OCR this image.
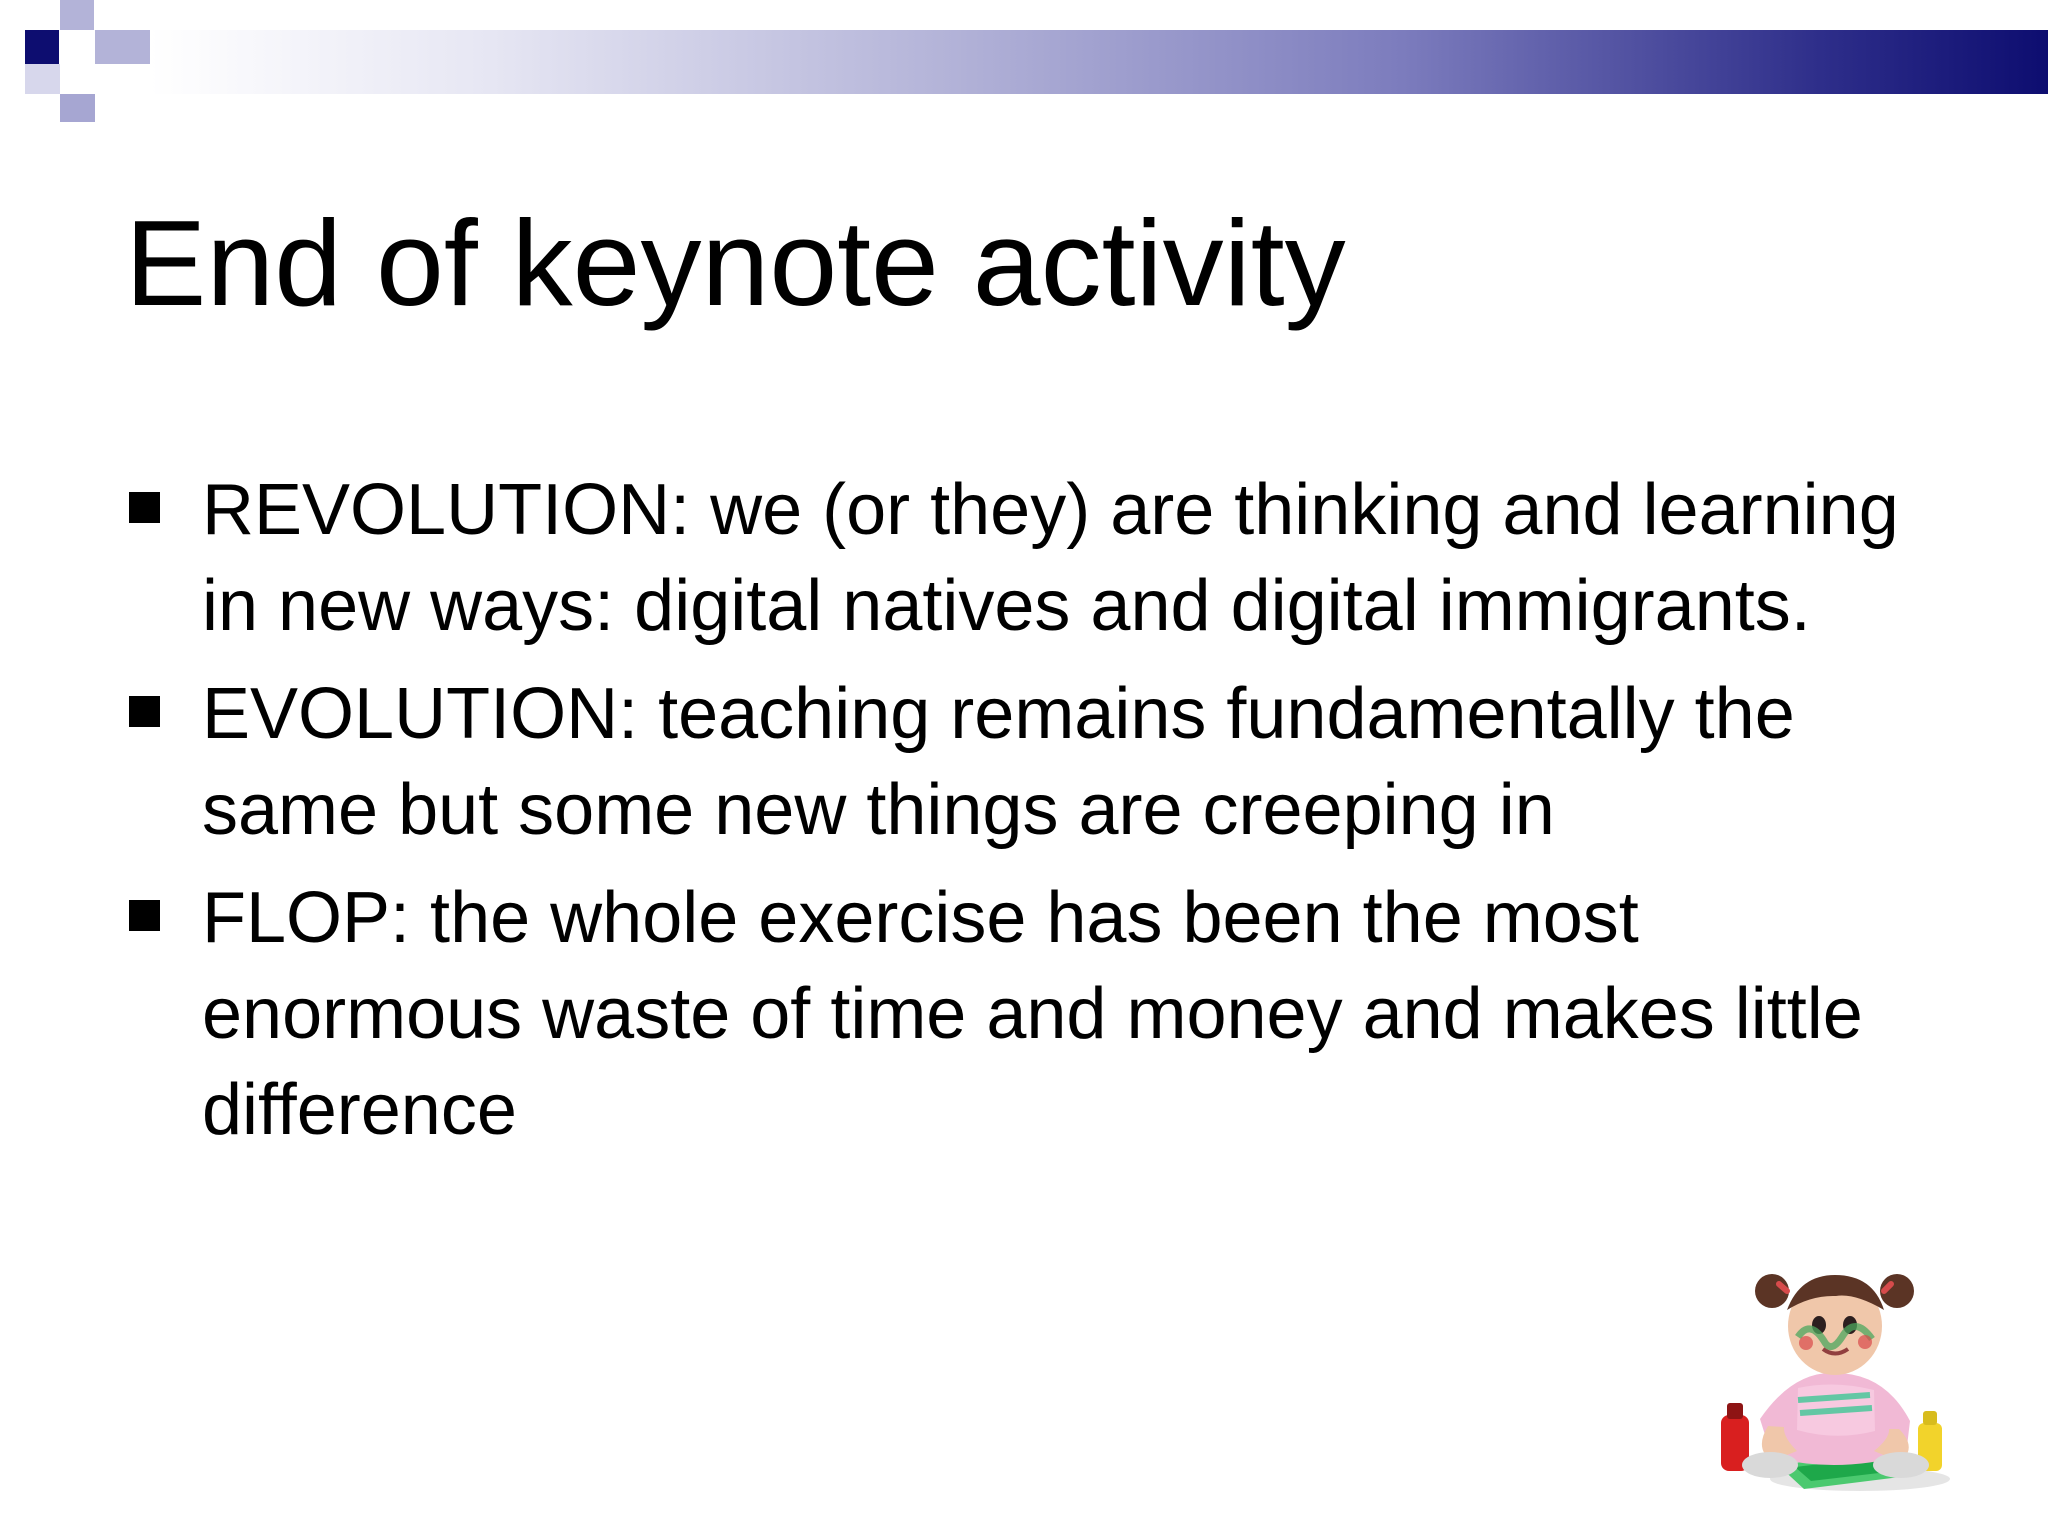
End of keynote activity
REVOLUTION: we (or they) are thinking and learning in new ways: digital natives and digital immigrants.
EVOLUTION: teaching remains fundamentally the same but some new things are creeping in
FLOP: the whole exercise has been the most enormous waste of time and money and makes little difference
